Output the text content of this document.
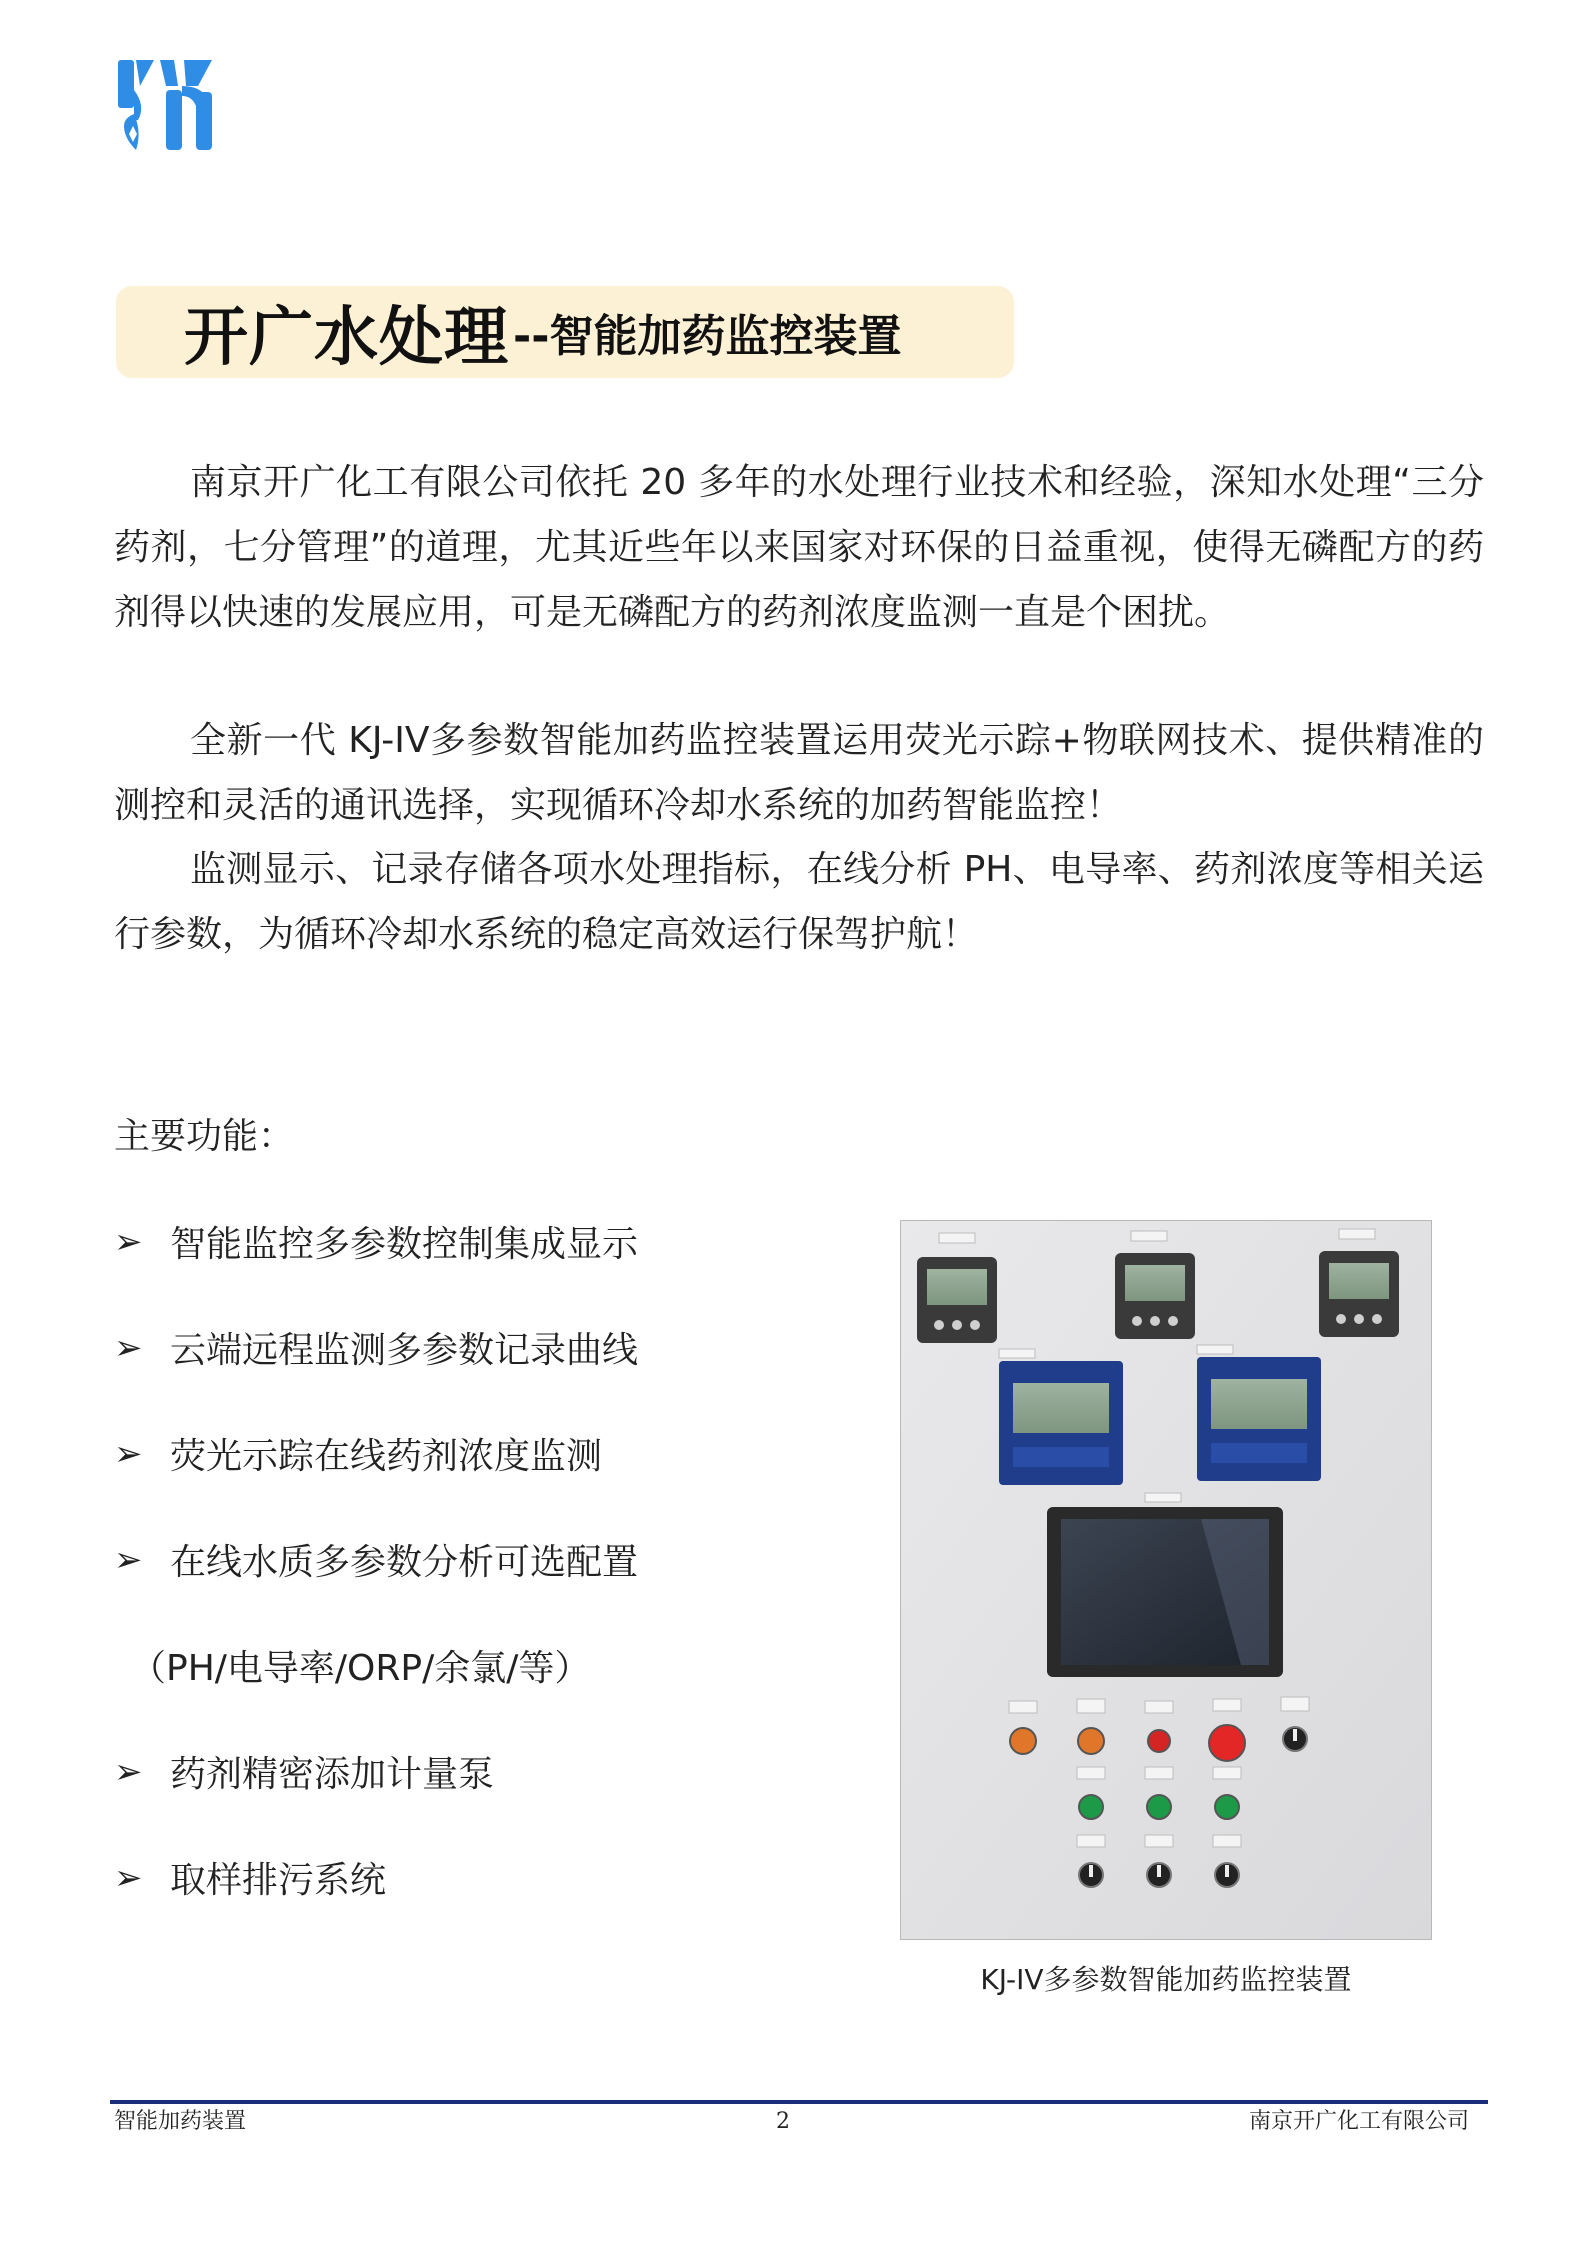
开广水处理 --智能加药监控装置

南京开广化工有限公司依托 20 多年的水处理行业技术和经验，深知水处理“三分药剂，七分管理”的道理，尤其近些年以来国家对环保的日益重视，使得无磷配方的药剂得以快速的发展应用，可是无磷配方的药剂浓度监测一直是个困扰。

全新一代 KJ-IV多参数智能加药监控装置运用荧光示踪+物联网技术、提供精准的测控和灵活的通讯选择，实现循环冷却水系统的加药智能监控！

监测显示、记录存储各项水处理指标，在线分析 PH、电导率、药剂浓度等相关运行参数，为循环冷却水系统的稳定高效运行保驾护航！

主要功能：

➢ 智能监控多参数控制集成显示
➢ 云端远程监测多参数记录曲线
➢ 荧光示踪在线药剂浓度监测
➢ 在线水质多参数分析可选配置
（PH/电导率/ORP/余氯/等）
➢ 药剂精密添加计量泵
➢ 取样排污系统
KJ-IV多参数智能加药监控装置
智能加药装置	2	南京开广化工有限公司
